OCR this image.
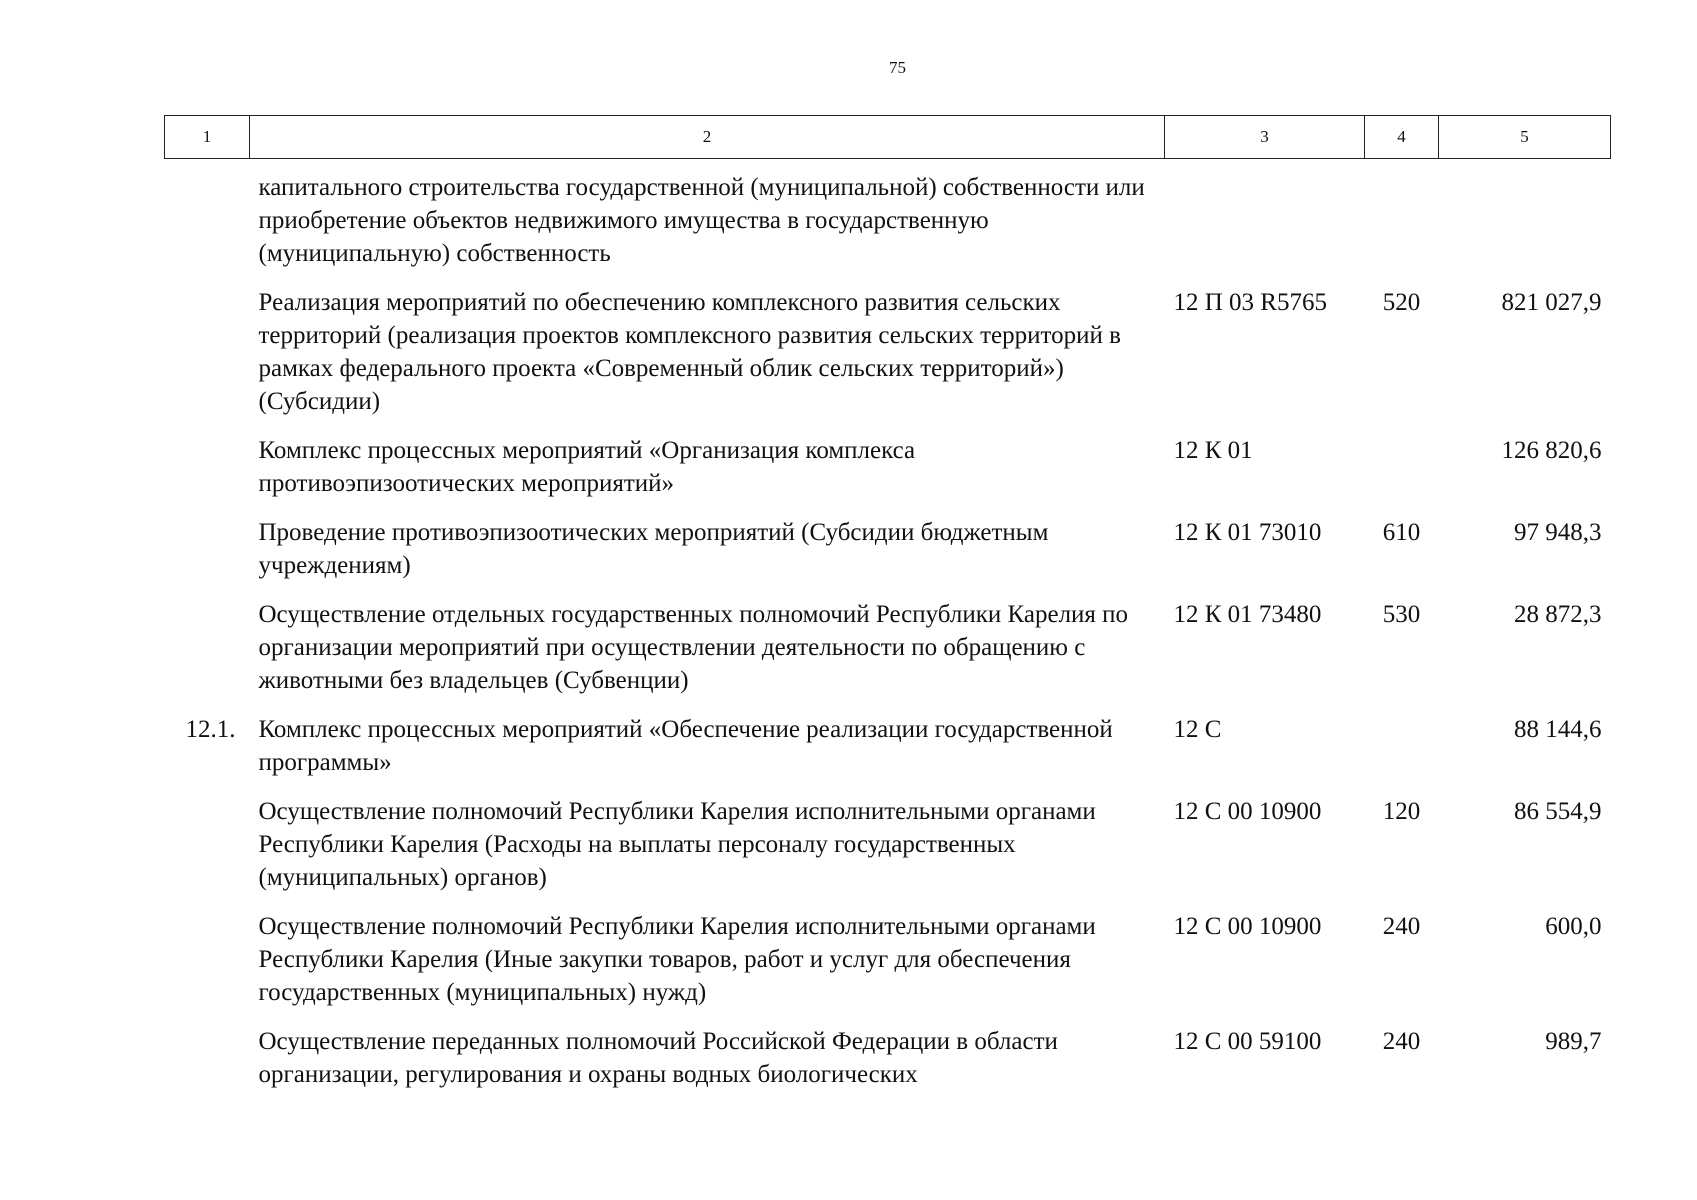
75
1	2	3	4	5
	капитального строительства государственной (муниципальной) собственности или приобретение объектов недвижимого имущества в государственную (муниципальную) собственность			
	Реализация мероприятий по обеспечению комплексного развития сельских территорий (реализация проектов комплексного развития сельских территорий в рамках федерального проекта «Современный облик сельских территорий») (Субсидии)	12 П 03 R5765	520	821 027,9
	Комплекс процессных мероприятий «Организация комплекса противоэпизоотических мероприятий»	12 К 01		126 820,6
	Проведение противоэпизоотических мероприятий (Субсидии бюджетным учреждениям)	12 К 01 73010	610	97 948,3
	Осуществление отдельных государственных полномочий Республики Карелия по организации мероприятий при осуществлении деятельности по обращению с животными без владельцев (Субвенции)	12 К 01 73480	530	28 872,3
12.1.	Комплекс процессных мероприятий «Обеспечение реализации государственной программы»	12 С		88 144,6
	Осуществление полномочий Республики Карелия исполнительными органами Республики Карелия (Расходы на выплаты персоналу государственных (муниципальных) органов)	12 С 00 10900	120	86 554,9
	Осуществление полномочий Республики Карелия исполнительными органами Республики Карелия (Иные закупки товаров, работ и услуг для обеспечения государственных (муниципальных) нужд)	12 С 00 10900	240	600,0
	Осуществление переданных полномочий Российской Федерации в области организации, регулирования и охраны водных биологических	12 С 00 59100	240	989,7
